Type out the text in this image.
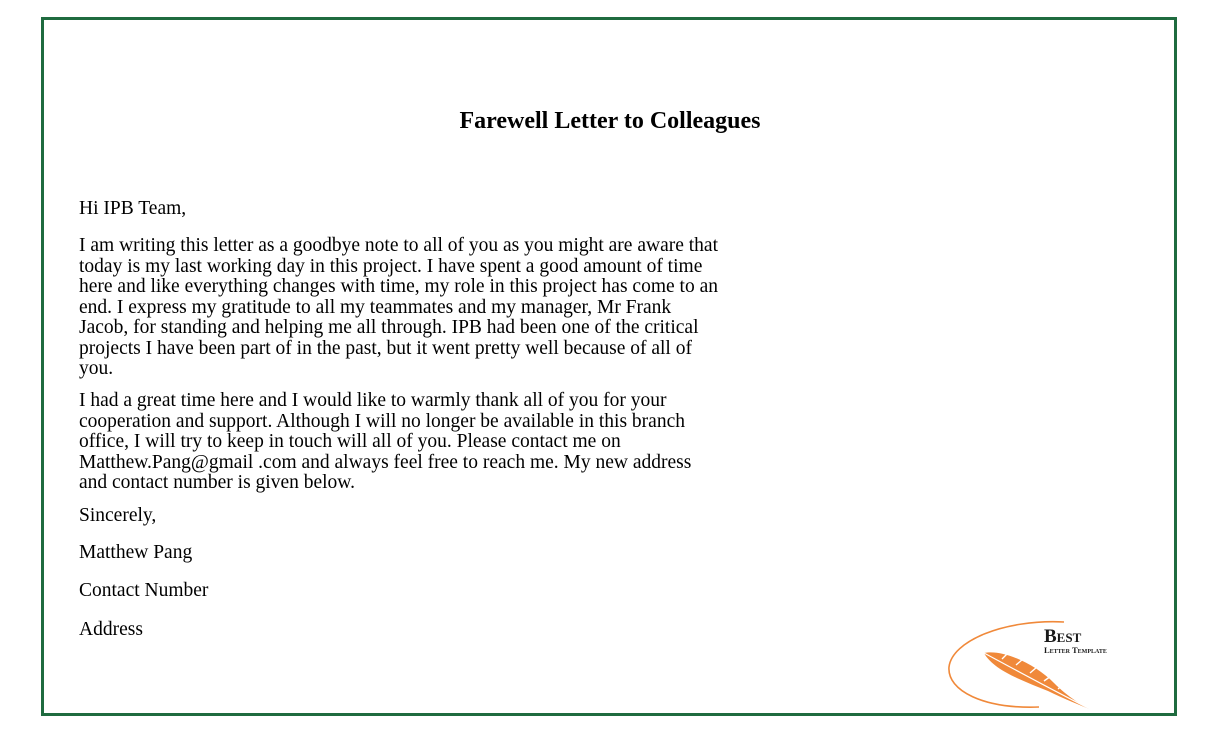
Farewell Letter to Colleagues
Hi IPB Team,
I am writing this letter as a goodbye note to all of you as you might are aware that
today is my last working day in this project. I have spent a good amount of time
here and like everything changes with time, my role in this project has come to an
end. I express my gratitude to all my teammates and my manager, Mr Frank
Jacob, for standing and helping me all through. IPB had been one of the critical
projects I have been part of in the past, but it went pretty well because of all of
you.
I had a great time here and I would like to warmly thank all of you for your
cooperation and support. Although I will no longer be available in this branch
office, I will try to keep in touch will all of you. Please contact me on
Matthew.Pang@gmail .com and always feel free to reach me. My new address
and contact number is given below.
Sincerely,
Matthew Pang
Contact Number
Address	Best
Letter Template
